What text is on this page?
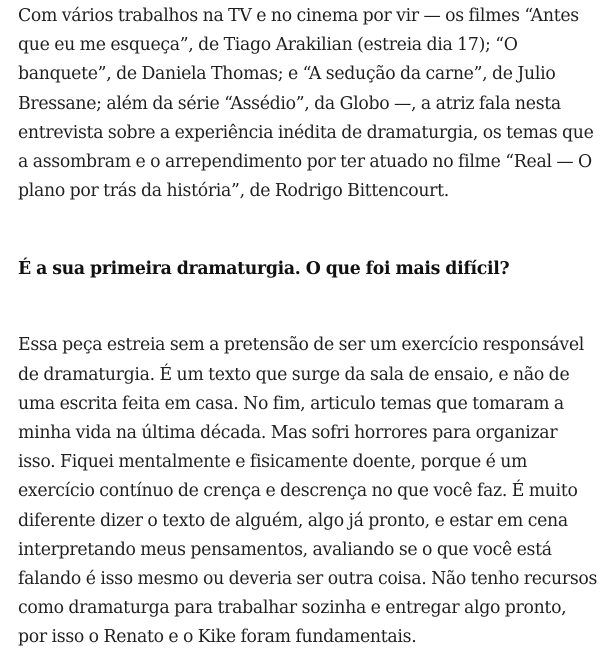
Com vários trabalhos na TV e no cinema por vir — os filmes “Antes que eu me esqueça”, de Tiago Arakilian (estreia dia 17); “O banquete”, de Daniela Thomas; e “A sedução da carne”, de Julio Bressane; além da série “Assédio”, da Globo —, a atriz fala nesta entrevista sobre a experiência inédita de dramaturgia, os temas que a assombram e o arrependimento por ter atuado no filme “Real — O plano por trás da história”, de Rodrigo Bittencourt.

É a sua primeira dramaturgia. O que foi mais difícil?

Essa peça estreia sem a pretensão de ser um exercício responsável de dramaturgia. É um texto que surge da sala de ensaio, e não de uma escrita feita em casa. No fim, articulo temas que tomaram a minha vida na última década. Mas sofri horrores para organizar isso. Fiquei mentalmente e fisicamente doente, porque é um exercício contínuo de crença e descrença no que você faz. É muito diferente dizer o texto de alguém, algo já pronto, e estar em cena interpretando meus pensamentos, avaliando se o que você está falando é isso mesmo ou deveria ser outra coisa. Não tenho recursos como dramaturga para trabalhar sozinha e entregar algo pronto, por isso o Renato e o Kike foram fundamentais.
